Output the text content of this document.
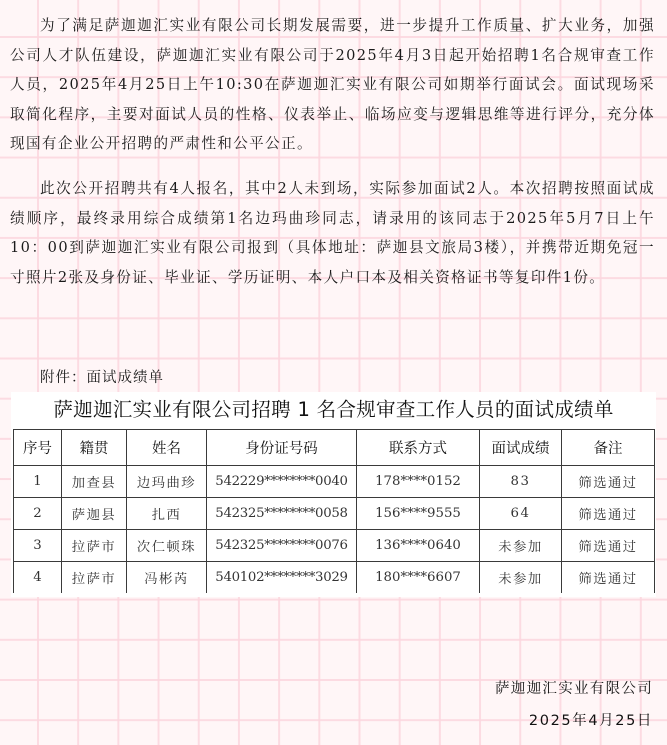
为了满足萨迦迦汇实业有限公司长期发展需要，进一步提升工作质量、扩大业务，加强公司人才队伍建设，萨迦迦汇实业有限公司于2025年4月3日起开始招聘1名合规审查工作人员，2025年4月25日上午10:30在萨迦迦汇实业有限公司如期举行面试会。面试现场采取简化程序，主要对面试人员的性格、仪表举止、临场应变与逻辑思维等进行评分，充分体现国有企业公开招聘的严肃性和公平公正。

此次公开招聘共有4人报名，其中2人未到场，实际参加面试2人。本次招聘按照面试成绩顺序，最终录用综合成绩第1名边玛曲珍同志，请录用的该同志于2025年5月7日上午10：00到萨迦迦汇实业有限公司报到（具体地址：萨迦县文旅局3楼），并携带近期免冠一寸照片2张及身份证、毕业证、学历证明、本人户口本及相关资格证书等复印件1份。

附件：面试成绩单
萨迦迦汇实业有限公司招聘 1 名合规审查工作人员的面试成绩单
序号	籍贯	姓名	身份证号码	联系方式	面试成绩	备注
1	加查县	边玛曲珍	542229********0040	178****0152	83	筛选通过
2	萨迦县	扎西	542325********0058	156****9555	64	筛选通过
3	拉萨市	次仁顿珠	542325********0076	136****0640	未参加	筛选通过
4	拉萨市	冯彬芮	540102********3029	180****6607	未参加	筛选通过
萨迦迦汇实业有限公司
2025年4月25日
